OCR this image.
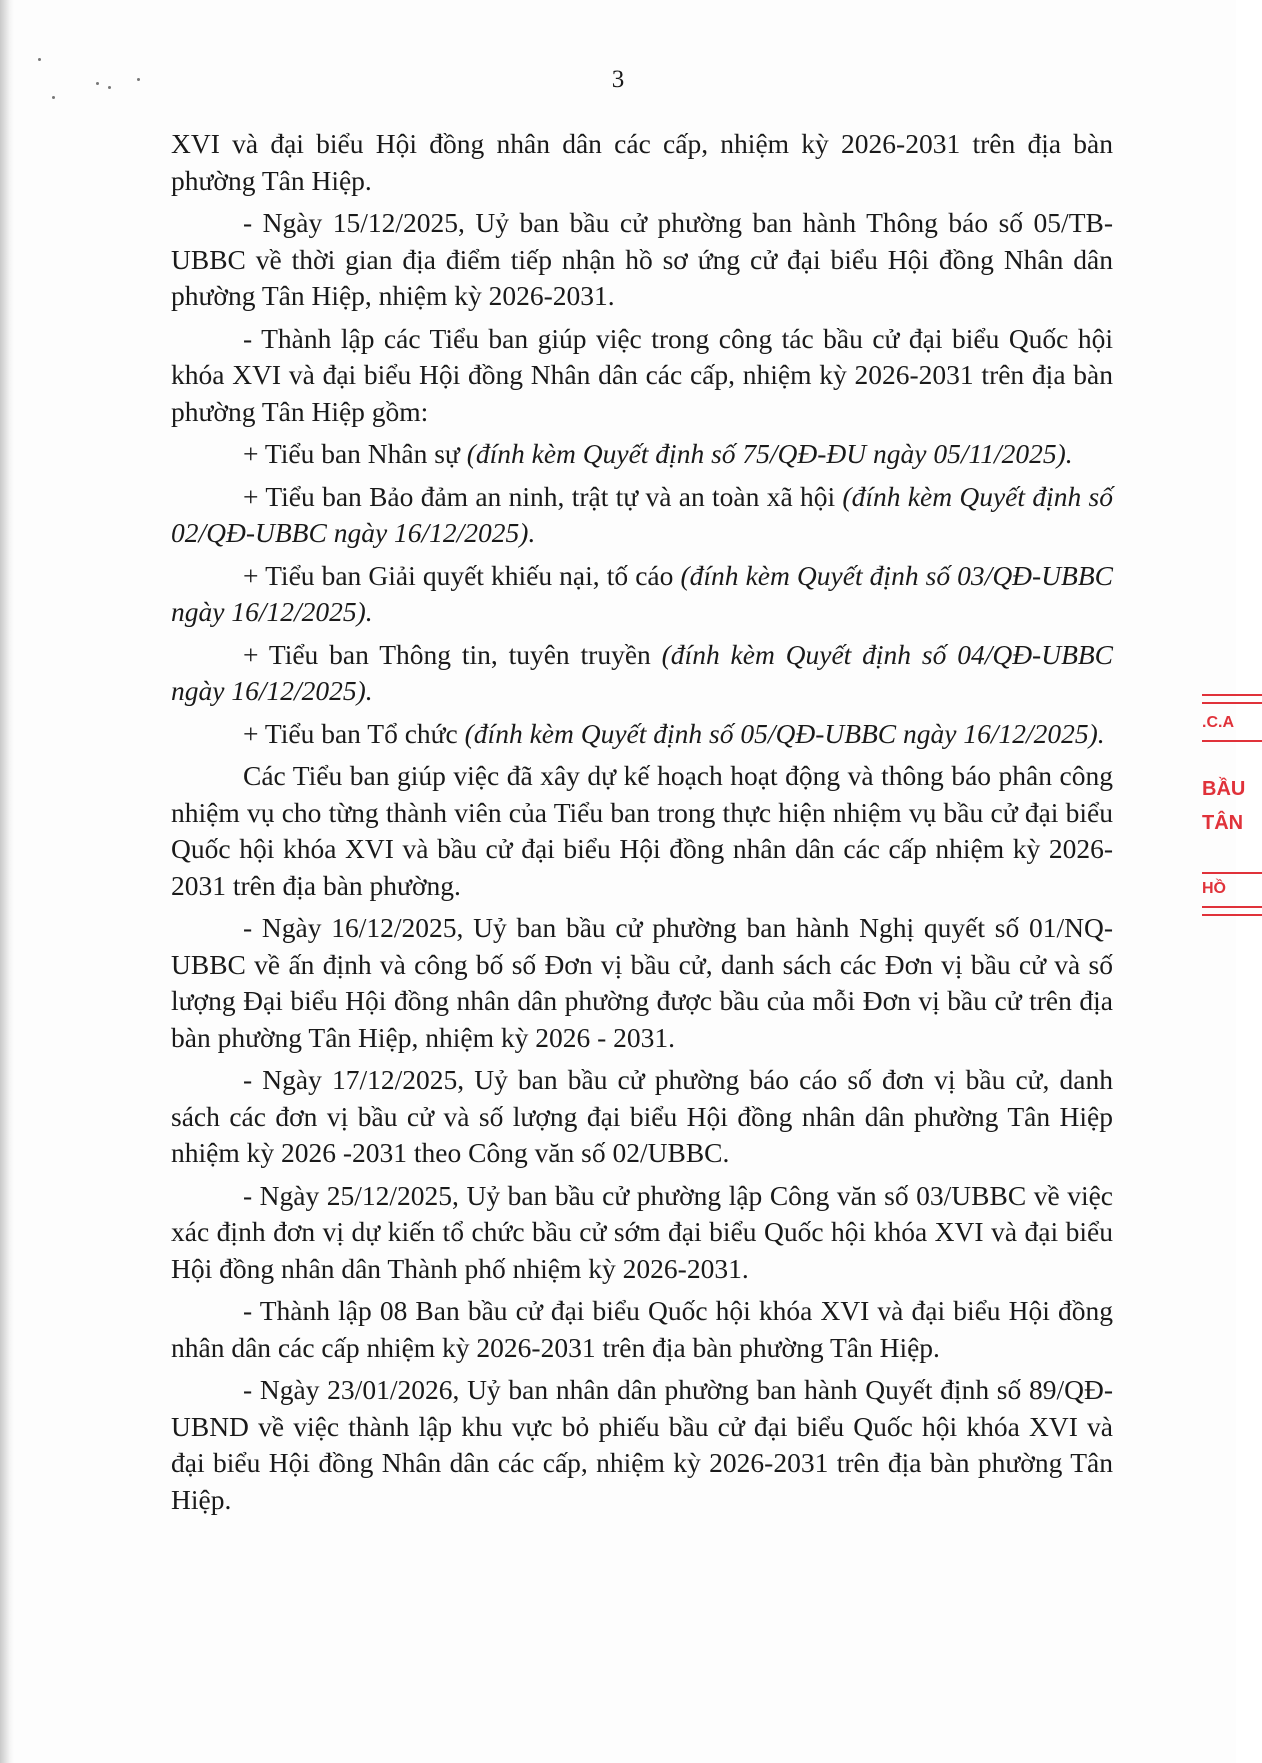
3

XVI và đại biểu Hội đồng nhân dân các cấp, nhiệm kỳ 2026-2031 trên địa bàn phường Tân Hiệp.

- Ngày 15/12/2025, Uỷ ban bầu cử phường ban hành Thông báo số 05/TB-UBBC về thời gian địa điểm tiếp nhận hồ sơ ứng cử đại biểu Hội đồng Nhân dân phường Tân Hiệp, nhiệm kỳ 2026-2031.

- Thành lập các Tiểu ban giúp việc trong công tác bầu cử đại biểu Quốc hội khóa XVI và đại biểu Hội đồng Nhân dân các cấp, nhiệm kỳ 2026-2031 trên địa bàn phường Tân Hiệp gồm:

+ Tiểu ban Nhân sự (đính kèm Quyết định số 75/QĐ-ĐU ngày 05/11/2025).

+ Tiểu ban Bảo đảm an ninh, trật tự và an toàn xã hội (đính kèm Quyết định số 02/QĐ-UBBC ngày 16/12/2025).

+ Tiểu ban Giải quyết khiếu nại, tố cáo (đính kèm Quyết định số 03/QĐ-UBBC ngày 16/12/2025).

+ Tiểu ban Thông tin, tuyên truyền (đính kèm Quyết định số 04/QĐ-UBBC ngày 16/12/2025).

+ Tiểu ban Tổ chức (đính kèm Quyết định số 05/QĐ-UBBC ngày 16/12/2025).

Các Tiểu ban giúp việc đã xây dự kế hoạch hoạt động và thông báo phân công nhiệm vụ cho từng thành viên của Tiểu ban trong thực hiện nhiệm vụ bầu cử đại biểu Quốc hội khóa XVI và bầu cử đại biểu Hội đồng nhân dân các cấp nhiệm kỳ 2026-2031 trên địa bàn phường.

- Ngày 16/12/2025, Uỷ ban bầu cử phường ban hành Nghị quyết số 01/NQ-UBBC về ấn định và công bố số Đơn vị bầu cử, danh sách các Đơn vị bầu cử và số lượng Đại biểu Hội đồng nhân dân phường được bầu của mỗi Đơn vị bầu cử trên địa bàn phường Tân Hiệp, nhiệm kỳ 2026 - 2031.

- Ngày 17/12/2025, Uỷ ban bầu cử phường báo cáo số đơn vị bầu cử, danh sách các đơn vị bầu cử và số lượng đại biểu Hội đồng nhân dân phường Tân Hiệp nhiệm kỳ 2026 -2031 theo Công văn số 02/UBBC.

- Ngày 25/12/2025, Uỷ ban bầu cử phường lập Công văn số 03/UBBC về việc xác định đơn vị dự kiến tổ chức bầu cử sớm đại biểu Quốc hội khóa XVI và đại biểu Hội đồng nhân dân Thành phố nhiệm kỳ 2026-2031.

- Thành lập 08 Ban bầu cử đại biểu Quốc hội khóa XVI và đại biểu Hội đồng nhân dân các cấp nhiệm kỳ 2026-2031 trên địa bàn phường Tân Hiệp.

- Ngày 23/01/2026, Uỷ ban nhân dân phường ban hành Quyết định số 89/QĐ-UBND về việc thành lập khu vực bỏ phiếu bầu cử đại biểu Quốc hội khóa XVI và đại biểu Hội đồng Nhân dân các cấp, nhiệm kỳ 2026-2031 trên địa bàn phường Tân Hiệp.

.C.A
BẦU
TÂN
HỒ
